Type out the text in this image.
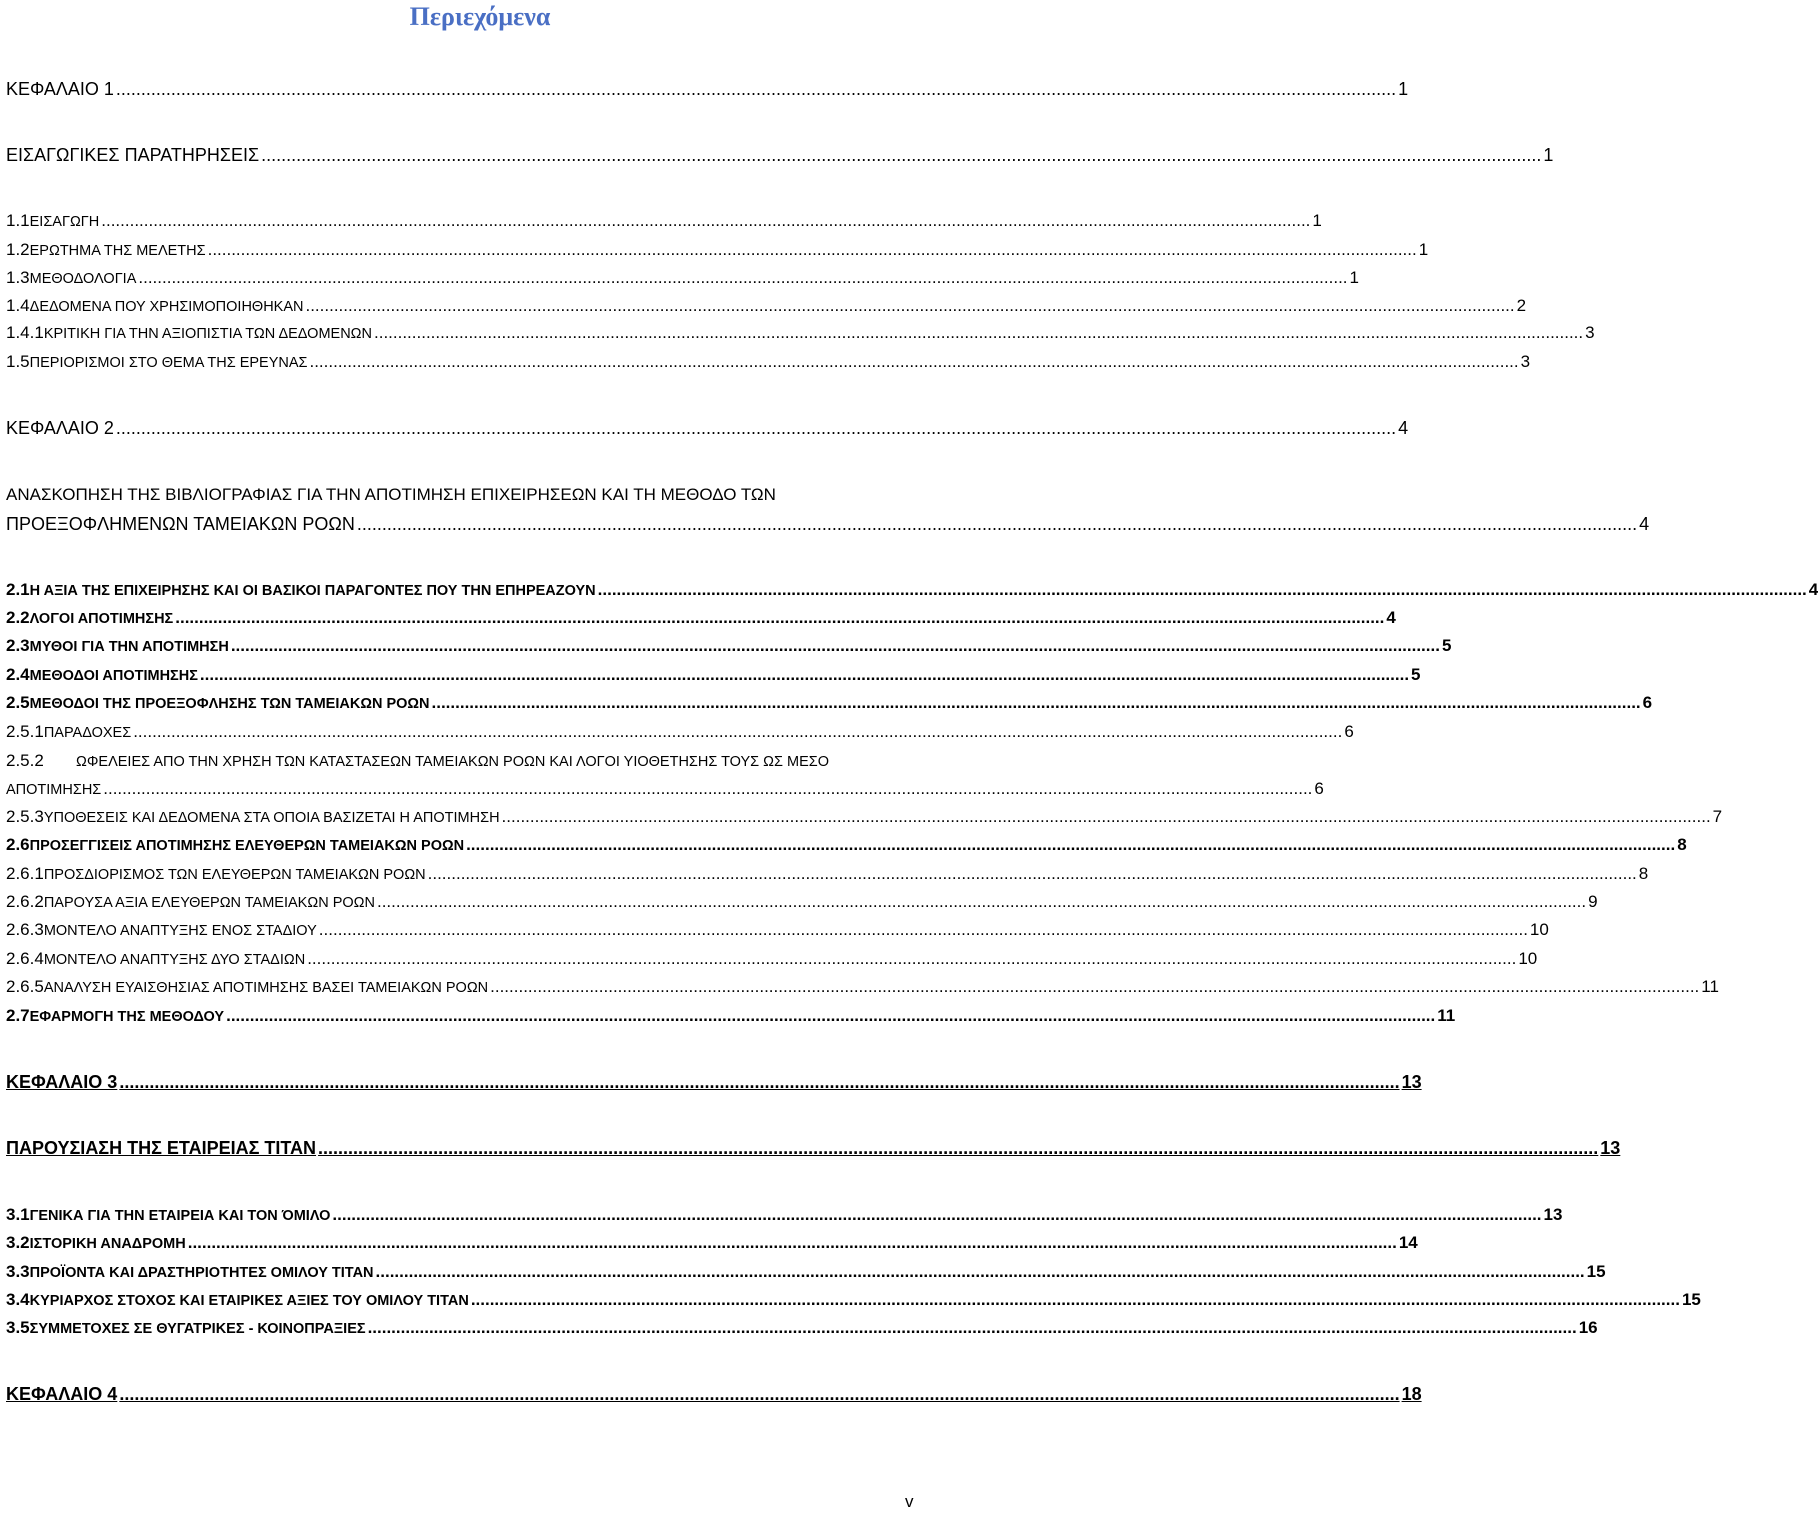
Περιεχόμενα
ΚΕΦΑΛΑΙΟ 1 .....	1
ΕΙΣΑΓΩΓΙΚΕΣ ΠΑΡΑΤΗΡΗΣΕΙΣ .....	1
1.1 ΕΙΣΑΓΩΓΗ .....	1
1.2 ΕΡΩΤΗΜΑ ΤΗΣ ΜΕΛΕΤΗΣ .....	1
1.3 ΜΕΘΟΔΟΛΟΓΙΑ .....	1
1.4 ΔΕΔΟΜΕΝΑ ΠΟΥ ΧΡΗΣΙΜΟΠΟΙΗΘΗΚΑΝ .....	2
1.4.1 ΚΡΙΤΙΚΗ ΓΙΑ ΤΗΝ ΑΞΙΟΠΙΣΤΙΑ ΤΩΝ ΔΕΔΟΜΕΝΩΝ .....	3
1.5 ΠΕΡΙΟΡΙΣΜΟΙ ΣΤΟ ΘΕΜΑ ΤΗΣ ΕΡΕΥΝΑΣ .....	3
ΚΕΦΑΛΑΙΟ 2 .....	4
ΑΝΑΣΚΟΠΗΣΗ ΤΗΣ ΒΙΒΛΙΟΓΡΑΦΙΑΣ ΓΙΑ ΤΗΝ ΑΠΟΤΙΜΗΣΗ ΕΠΙΧΕΙΡΗΣΕΩΝ ΚΑΙ ΤΗ ΜΕΘΟΔΟ ΤΩΝ
ΠΡΟΕΞΟΦΛΗΜΕΝΩΝ ΤΑΜΕΙΑΚΩΝ ΡΟΩΝ .....	4
2.1 Η ΑΞΙΑ ΤΗΣ ΕΠΙΧΕΙΡΗΣΗΣ ΚΑΙ ΟΙ ΒΑΣΙΚΟΙ ΠΑΡΑΓΟΝΤΕΣ ΠΟΥ ΤΗΝ ΕΠΗΡΕΑΖΟΥΝ .....	4
2.2 ΛΟΓΟΙ ΑΠΟΤΙΜΗΣΗΣ .....	4
2.3 ΜΥΘΟΙ ΓΙΑ ΤΗΝ ΑΠΟΤΙΜΗΣΗ .....	5
2.4 ΜΕΘΟΔΟΙ ΑΠΟΤΙΜΗΣΗΣ .....	5
2.5 ΜΕΘΟΔΟΙ ΤΗΣ ΠΡΟΕΞΟΦΛΗΣΗΣ ΤΩΝ ΤΑΜΕΙΑΚΩΝ ΡΟΩΝ .....	6
2.5.1 ΠΑΡΑΔΟΧΕΣ .....	6
2.5.2	ΩΦΕΛΕΙΕΣ ΑΠΟ ΤΗΝ ΧΡΗΣΗ ΤΩΝ ΚΑΤΑΣΤΑΣΕΩΝ ΤΑΜΕΙΑΚΩΝ ΡΟΩΝ ΚΑΙ ΛΟΓΟΙ ΥΙΟΘΕΤΗΣΗΣ ΤΟΥΣ ΩΣ ΜΕΣΟ
ΑΠΟΤΙΜΗΣΗΣ .....	6
2.5.3 ΥΠΟΘΕΣΕΙΣ ΚΑΙ ΔΕΔΟΜΕΝΑ ΣΤΑ ΟΠΟΙΑ ΒΑΣΙΖΕΤΑΙ Η ΑΠΟΤΙΜΗΣΗ .....	7
2.6 ΠΡΟΣΕΓΓΙΣΕΙΣ ΑΠΟΤΙΜΗΣΗΣ ΕΛΕΥΘΕΡΩΝ ΤΑΜΕΙΑΚΩΝ ΡΟΩΝ .....	8
2.6.1 ΠΡΟΣΔΙΟΡΙΣΜΟΣ ΤΩΝ ΕΛΕΥΘΕΡΩΝ ΤΑΜΕΙΑΚΩΝ ΡΟΩΝ .....	8
2.6.2 ΠΑΡΟΥΣΑ ΑΞΙΑ ΕΛΕΥΘΕΡΩΝ ΤΑΜΕΙΑΚΩΝ ΡΟΩΝ .....	9
2.6.3 ΜΟΝΤΕΛΟ ΑΝΑΠΤΥΞΗΣ ΕΝΟΣ ΣΤΑΔΙΟΥ .....	10
2.6.4 ΜΟΝΤΕΛΟ ΑΝΑΠΤΥΞΗΣ ΔΥΟ ΣΤΑΔΙΩΝ .....	10
2.6.5 ΑΝΑΛΥΣΗ ΕΥΑΙΣΘΗΣΙΑΣ ΑΠΟΤΙΜΗΣΗΣ ΒΑΣΕΙ ΤΑΜΕΙΑΚΩΝ ΡΟΩΝ .....	11
2.7 ΕΦΑΡΜΟΓΗ ΤΗΣ ΜΕΘΟΔΟΥ .....	11
ΚΕΦΑΛΑΙΟ 3 .....	13
ΠΑΡΟΥΣΙΑΣΗ ΤΗΣ ΕΤΑΙΡΕΙΑΣ ΤΙΤΑΝ .....	13
3.1 ΓΕΝΙΚΑ ΓΙΑ ΤΗΝ ΕΤΑΙΡΕΙΑ ΚΑΙ ΤΟΝ ΌΜΙΛΟ .....	13
3.2 ΙΣΤΟΡΙΚΗ ΑΝΑΔΡΟΜΗ .....	14
3.3 ΠΡΟΪΟΝΤΑ ΚΑΙ ΔΡΑΣΤΗΡΙΟΤΗΤΕΣ ΟΜΙΛΟΥ ΤΙΤΑΝ .....	15
3.4 ΚΥΡΙΑΡΧΟΣ ΣΤΟΧΟΣ ΚΑΙ ΕΤΑΙΡΙΚΕΣ ΑΞΙΕΣ ΤΟΥ ΟΜΙΛΟΥ ΤΙΤΑΝ .....	15
3.5 ΣΥΜΜΕΤΟΧΕΣ ΣΕ ΘΥΓΑΤΡΙΚΕΣ - ΚΟΙΝΟΠΡΑΞΙΕΣ .....	16
ΚΕΦΑΛΑΙΟ 4 .....	18
v
